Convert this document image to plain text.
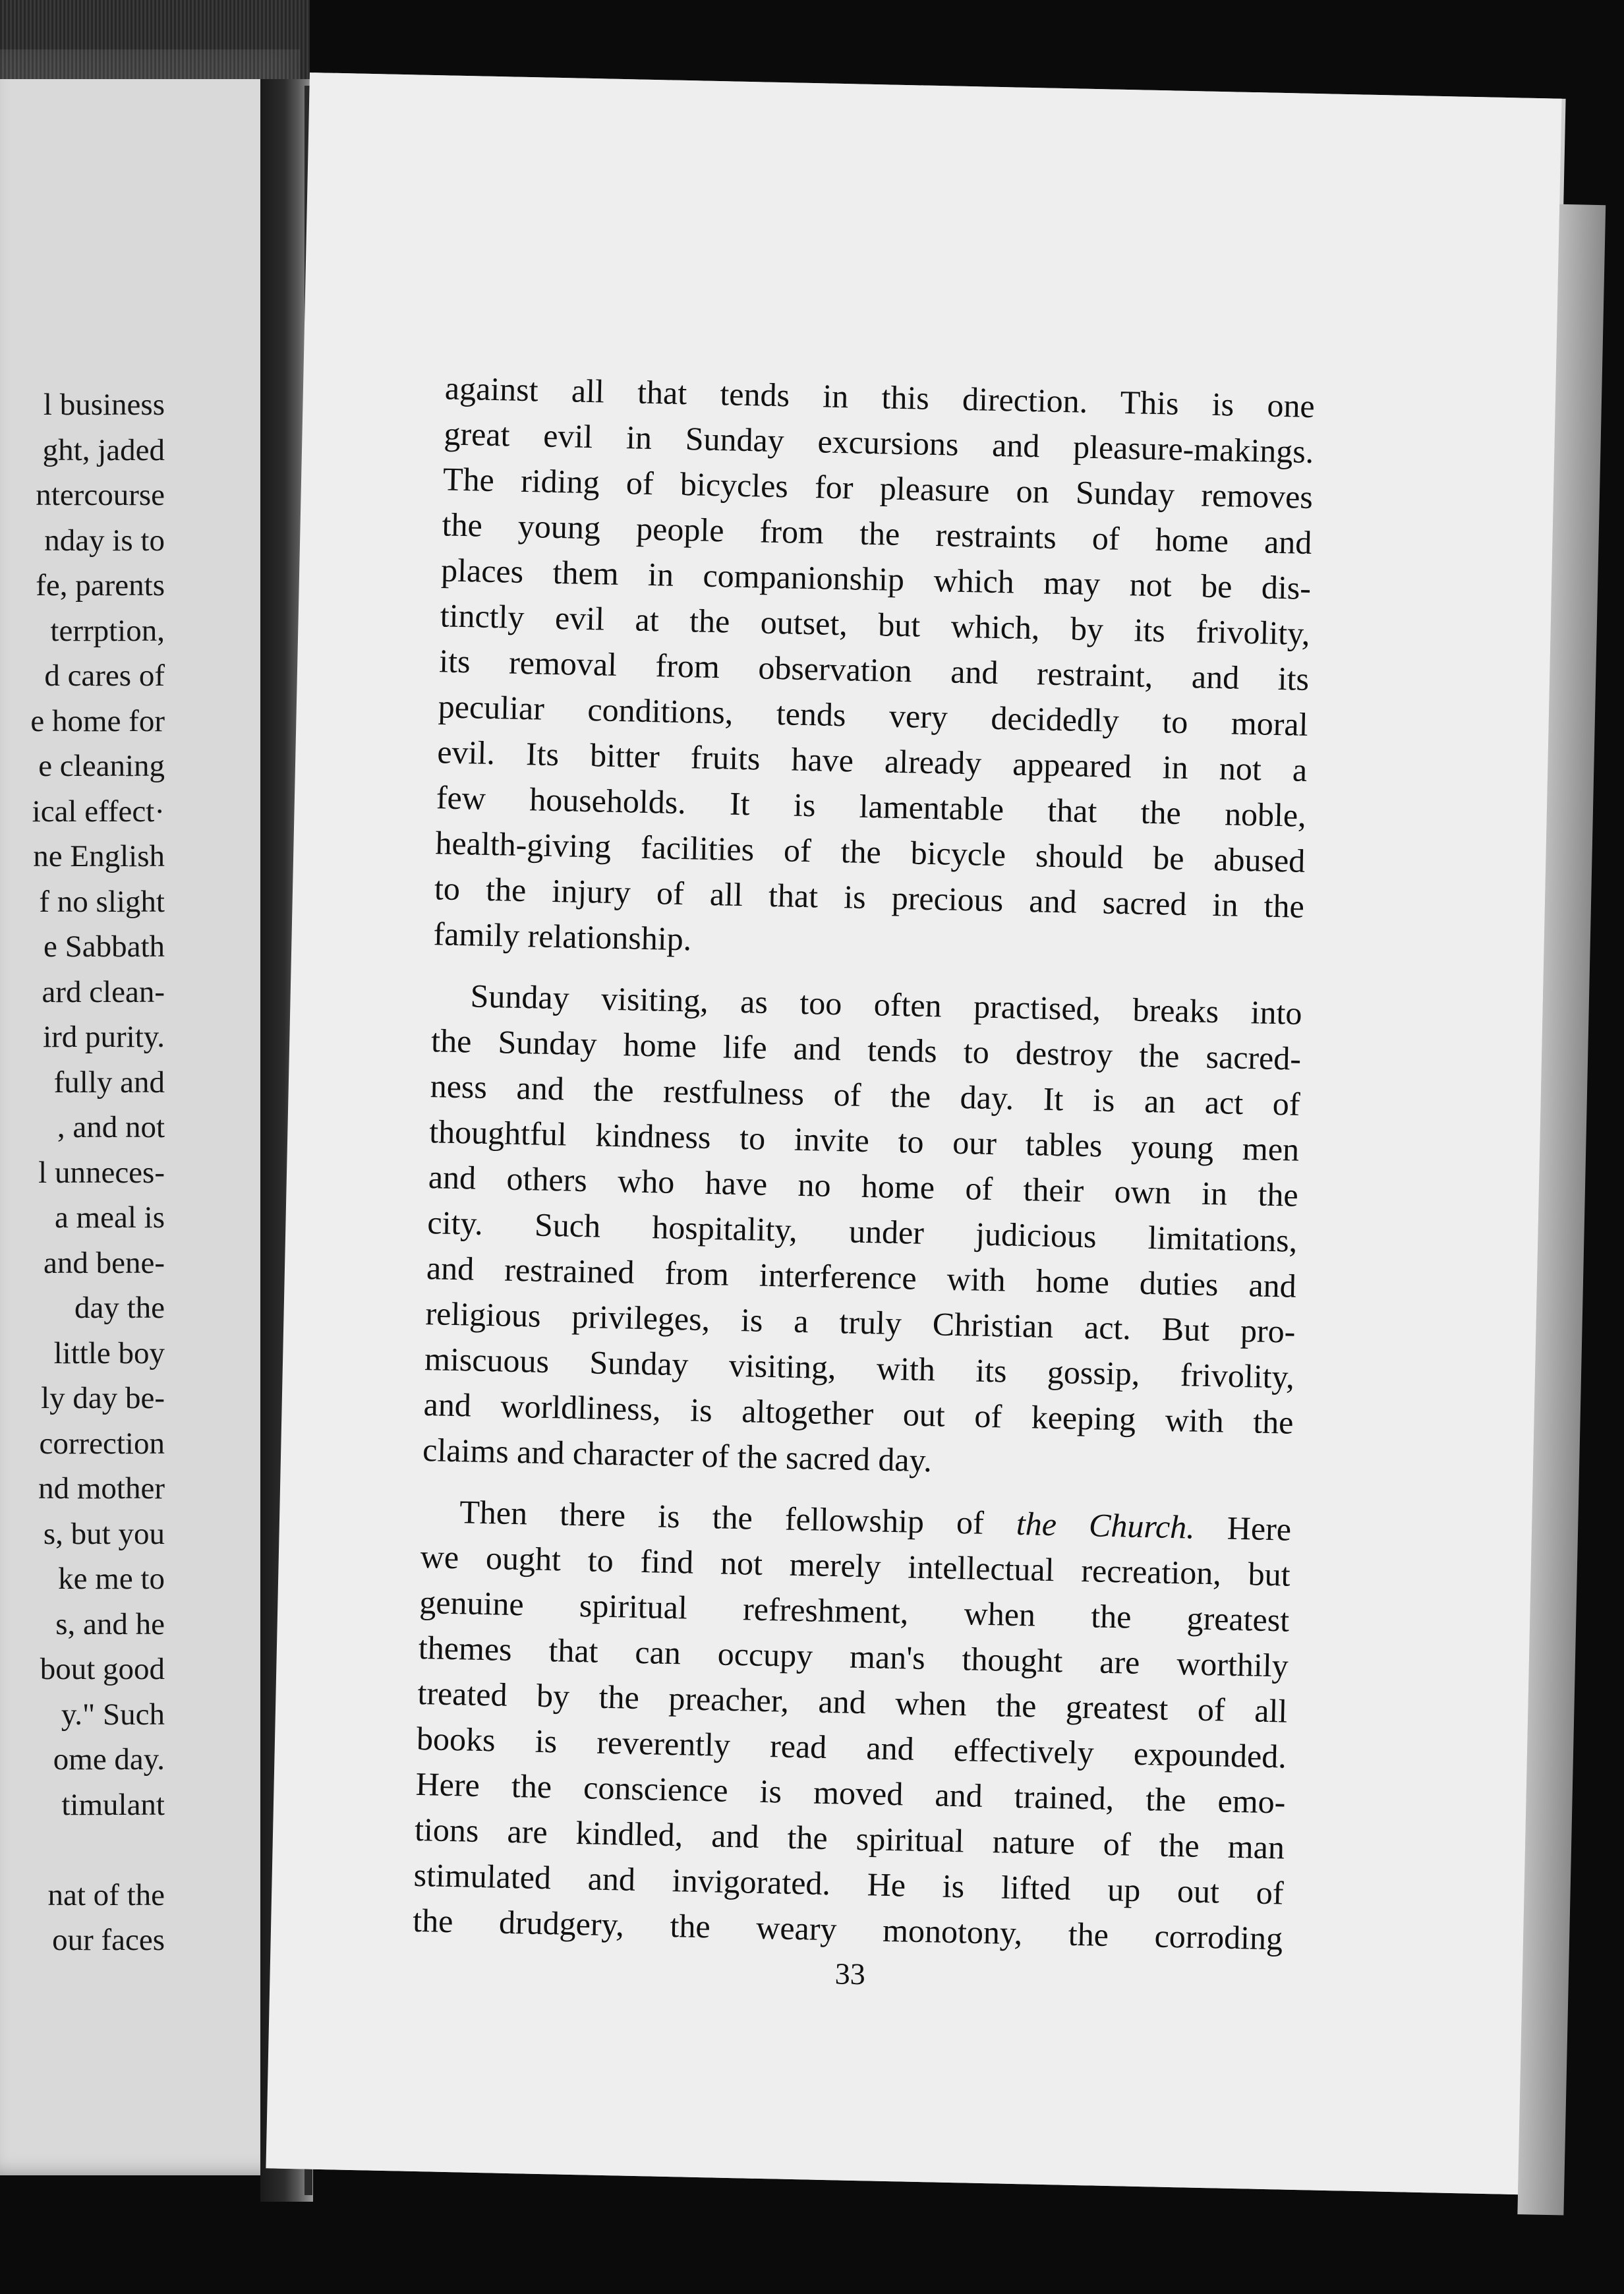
l business
ght, jaded
ntercourse
nday is to
fe, parents
terrption,
d cares of
e home for
e cleaning
ical effect·
ne English
f no slight
e Sabbath
ard clean-
ird purity.
fully and
, and not
l unneces-
a meal is
and bene-
day the
little boy
ly day be-
correction
nd mother
s, but you
ke me to
s, and he
bout good
y." Such
ome day.
timulant
nat of the
our faces
against all that tends in this direction. This is one
great evil in Sunday excursions and pleasure-makings.
The riding of bicycles for pleasure on Sunday removes
the young people from the restraints of home and
places them in companionship which may not be dis-
tinctly evil at the outset, but which, by its frivolity,
its removal from observation and restraint, and its
peculiar conditions, tends very decidedly to moral
evil. Its bitter fruits have already appeared in not a
few households. It is lamentable that the noble,
health-giving facilities of the bicycle should be abused
to the injury of all that is precious and sacred in the
family relationship.
Sunday visiting, as too often practised, breaks into
the Sunday home life and tends to destroy the sacred-
ness and the restfulness of the day. It is an act of
thoughtful kindness to invite to our tables young men
and others who have no home of their own in the
city. Such hospitality, under judicious limitations,
and restrained from interference with home duties and
religious privileges, is a truly Christian act. But pro-
miscuous Sunday visiting, with its gossip, frivolity,
and worldliness, is altogether out of keeping with the
claims and character of the sacred day.
Then there is the fellowship of the Church. Here
we ought to find not merely intellectual recreation, but
genuine spiritual refreshment, when the greatest
themes that can occupy man's thought are worthily
treated by the preacher, and when the greatest of all
books is reverently read and effectively expounded.
Here the conscience is moved and trained, the emo-
tions are kindled, and the spiritual nature of the man
stimulated and invigorated. He is lifted up out of
the drudgery, the weary monotony, the corroding
33
